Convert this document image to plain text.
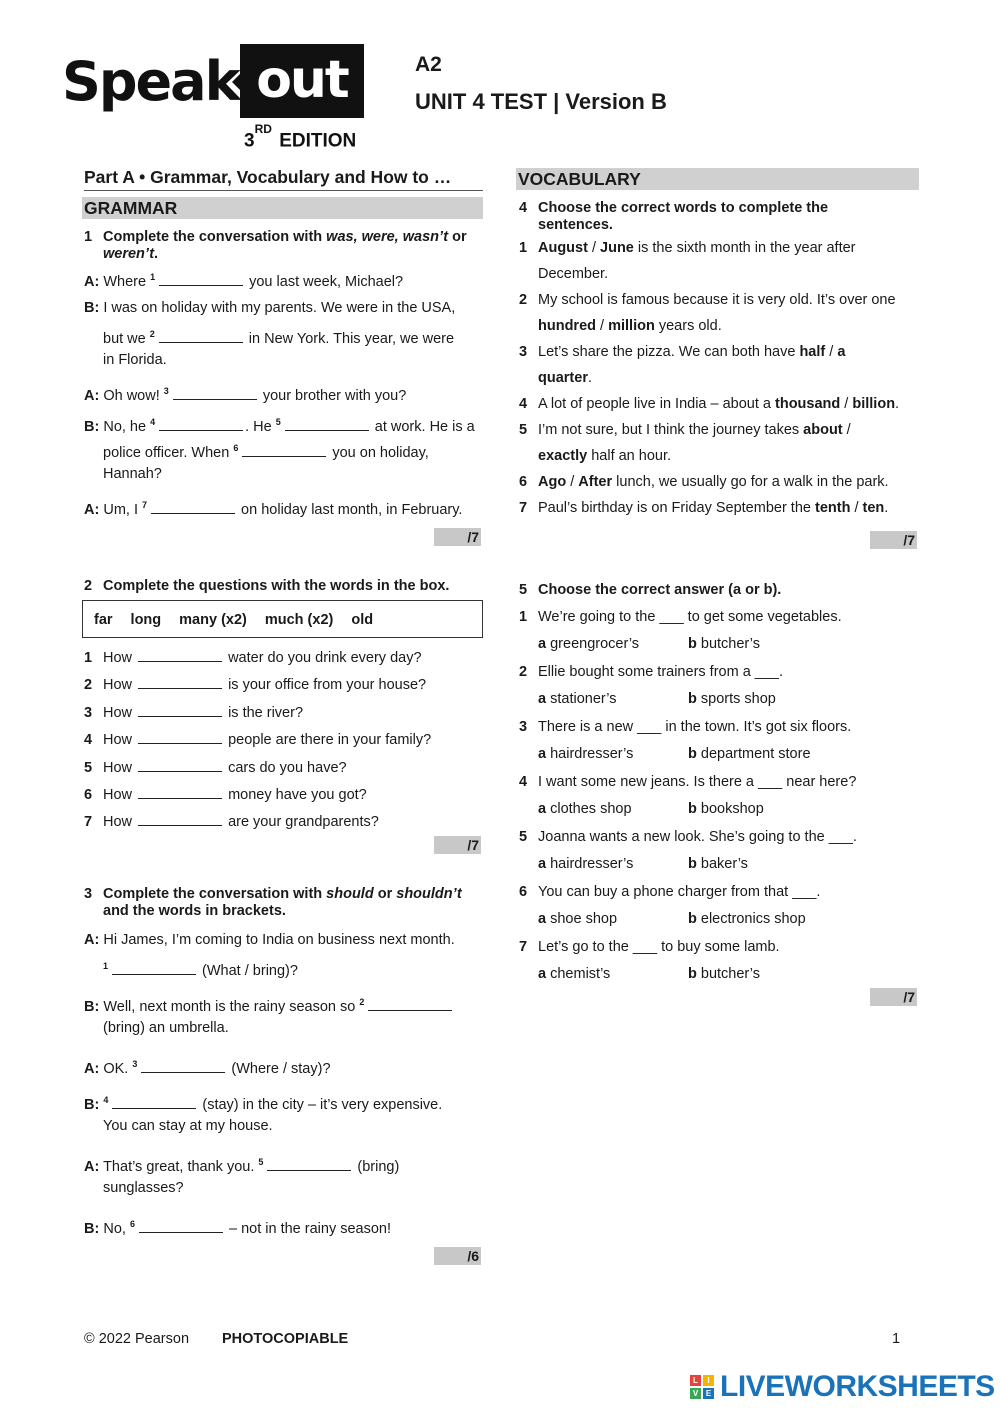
Speak out
3RD EDITION
A2
UNIT 4 TEST | Version B
Part A • Grammar, Vocabulary and How to …
GRAMMAR
1 Complete the conversation with was, were, wasn’t or weren’t.
A: Where $^1$	you last week, Michael?
B: I was on holiday with my parents. We were in the USA,
but we $^2$	in New York. This year, we were
in Florida.
A: Oh wow! $^3$	your brother with you?
B: No, he $^4$	. He $^5$	at work. He is a
police officer. When $^6$	you on holiday,
Hannah?
A: Um, I $^7$	on holiday last month, in February.
/7
2 Complete the questions with the words in the box.
far long many (x2) much (x2) old
1 How	water do you drink every day?
2 How	is your office from your house?
3 How	is the river?
4 How	people are there in your family?
5 How	cars do you have?
6 How	money have you got?
7 How	are your grandparents?
/7
3 Complete the conversation with should or shouldn’t
and the words in brackets.
A: Hi James, I’m coming to India on business next month.
$^1$	(What / bring)?
B: Well, next month is the rainy season so $^2$
(bring) an umbrella.
A: OK. $^3$	(Where / stay)?
B: $^4$	(stay) in the city – it’s very expensive.
You can stay at my house.
A: That’s great, thank you. $^5$	(bring)
sunglasses?
B: No, $^6$	– not in the rainy season!
/6
VOCABULARY
4 Choose the correct words to complete the
sentences.
1 August / June is the sixth month in the year after
December.
2 My school is famous because it is very old. It’s over one
hundred / million years old.
3 Let’s share the pizza. We can both have half / a
quarter.
4 A lot of people live in India – about a thousand / billion.
5 I’m not sure, but I think the journey takes about /
exactly half an hour.
6 Ago / After lunch, we usually go for a walk in the park.
7 Paul’s birthday is on Friday September the tenth / ten.
/7
5 Choose the correct answer (a or b).
1 We’re going to the ___ to get some vegetables.
a greengrocer’s	b butcher’s
2 Ellie bought some trainers from a ___.
a stationer’s	b sports shop
3 There is a new ___ in the town. It’s got six floors.
a hairdresser’s	b department store
4 I want some new jeans. Is there a ___ near here?
a clothes shop	b bookshop
5 Joanna wants a new look. She’s going to the ___.
a hairdresser’s	b baker’s
6 You can buy a phone charger from that ___.
a shoe shop	b electronics shop
7 Let’s go to the ___ to buy some lamb.
a chemist’s	b butcher’s
/7
© 2022 Pearson PHOTOCOPIABLE	1
L	I
V E LIVEWORKSHEETS
